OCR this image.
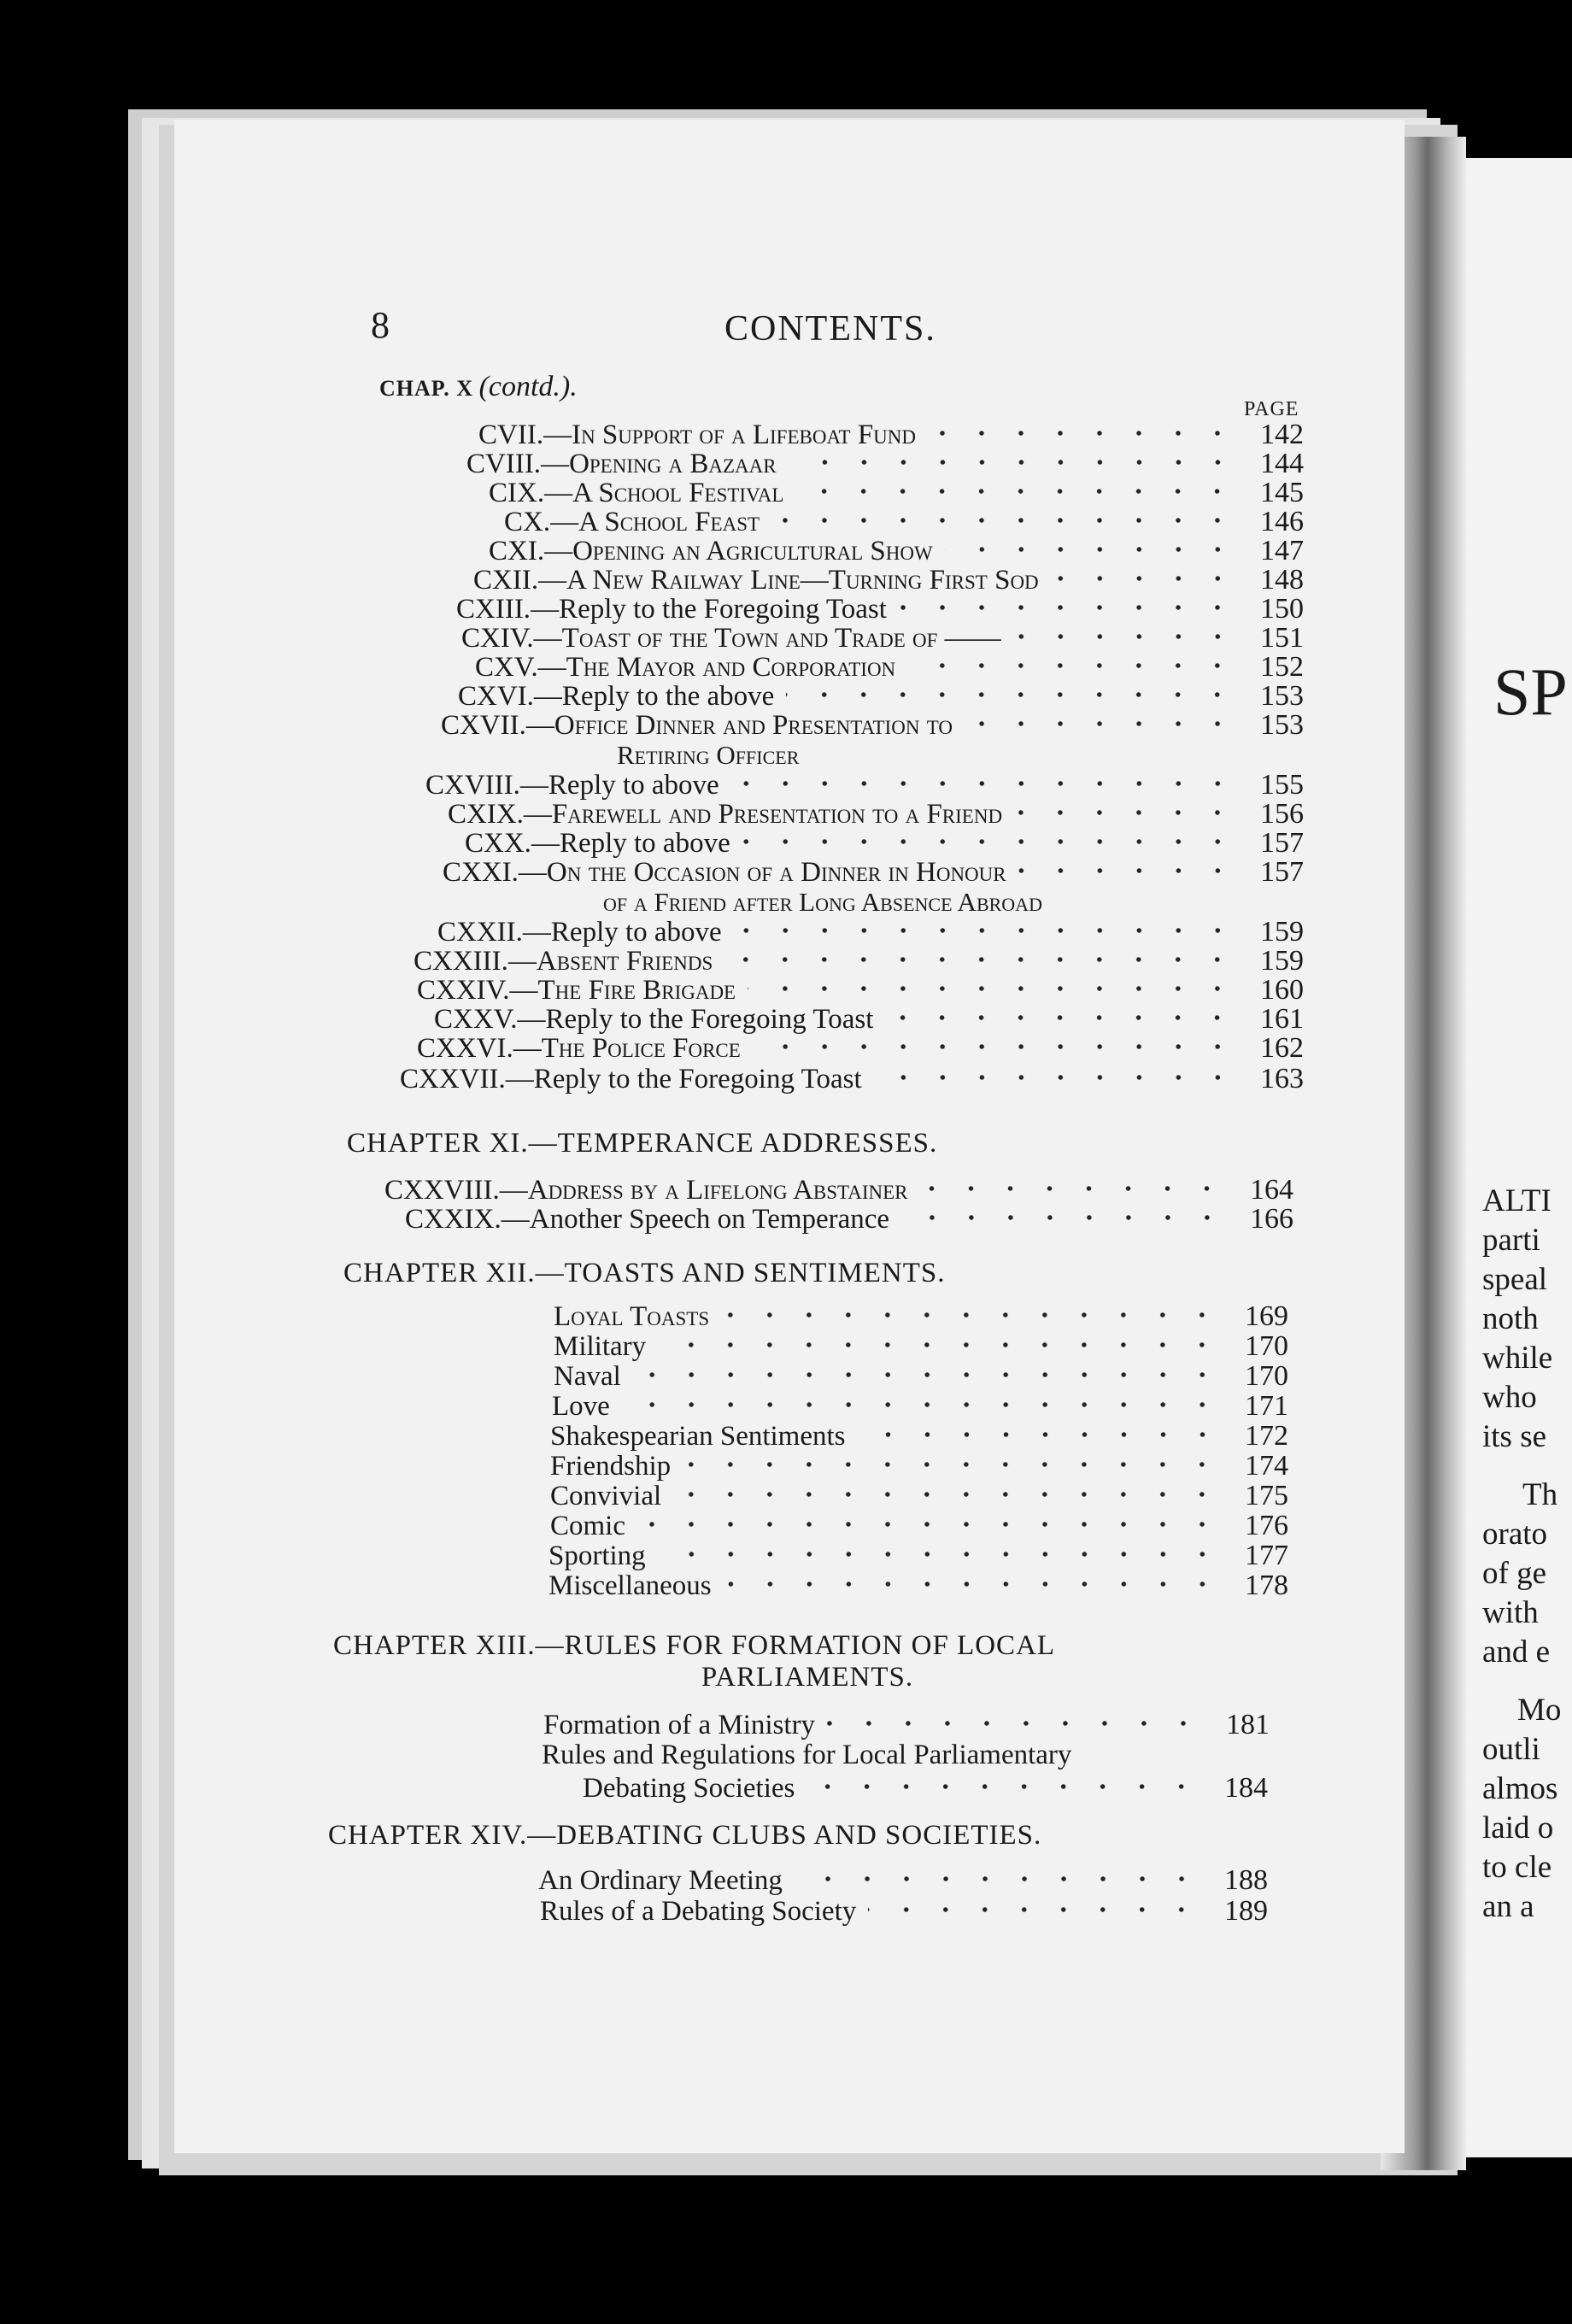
8	CONTENTS.
CHAP. X (contd.).
PAGE
CVII. —In Support of a Lifeboat Fund	142
CVIII. —Opening a Bazaar	144
CIX. —A School Festival	145
CX. —A School Feast	146
CXI. —Opening an Agricultural Show	147
CXII. —A New Railway Line—Turning First Sod	148
CXIII. —Reply to the Foregoing Toast	150
CXIV. —Toast of the Town and Trade of ——	151
CXV. —The Mayor and Corporation	152
CXVI. —Reply to the above	153
CXVII. —Office Dinner and Presentation to	153
Retiring Officer
CXVIII. —Reply to above	155
CXIX. —Farewell and Presentation to a Friend	156
CXX. —Reply to above	157
CXXI. —On the Occasion of a Dinner in Honour	157
of a Friend after Long Absence Abroad
CXXII. —Reply to above	159
CXXIII. —Absent Friends	159
CXXIV. —The Fire Brigade	160
CXXV. —Reply to the Foregoing Toast	161
CXXVI. —The Police Force	162
CXXVII. —Reply to the Foregoing Toast	163
CHAPTER XI.—TEMPERANCE ADDRESSES.
CXXVIII. —Address by a Lifelong Abstainer	164
CXXIX. —Another Speech on Temperance	166
CHAPTER XII.—TOASTS AND SENTIMENTS.
Loyal Toasts	169
Military	170
Naval	170
Love	171
Shakespearian Sentiments	172
Friendship	174
Convivial	175
Comic	176
Sporting	177
Miscellaneous	178
CHAPTER XIII.—RULES FOR FORMATION OF LOCAL
PARLIAMENTS.
Formation of a Ministry	181
Rules and Regulations for Local Parliamentary
Debating Societies	184
CHAPTER XIV.—DEBATING CLUBS AND SOCIETIES.
An Ordinary Meeting	188
Rules of a Debating Society	189
SP
ALTI
parti
speal
noth
while
who
its se
Th
orato
of ge
with
and e
Mo
outli
almos
laid o
to cle
an a
